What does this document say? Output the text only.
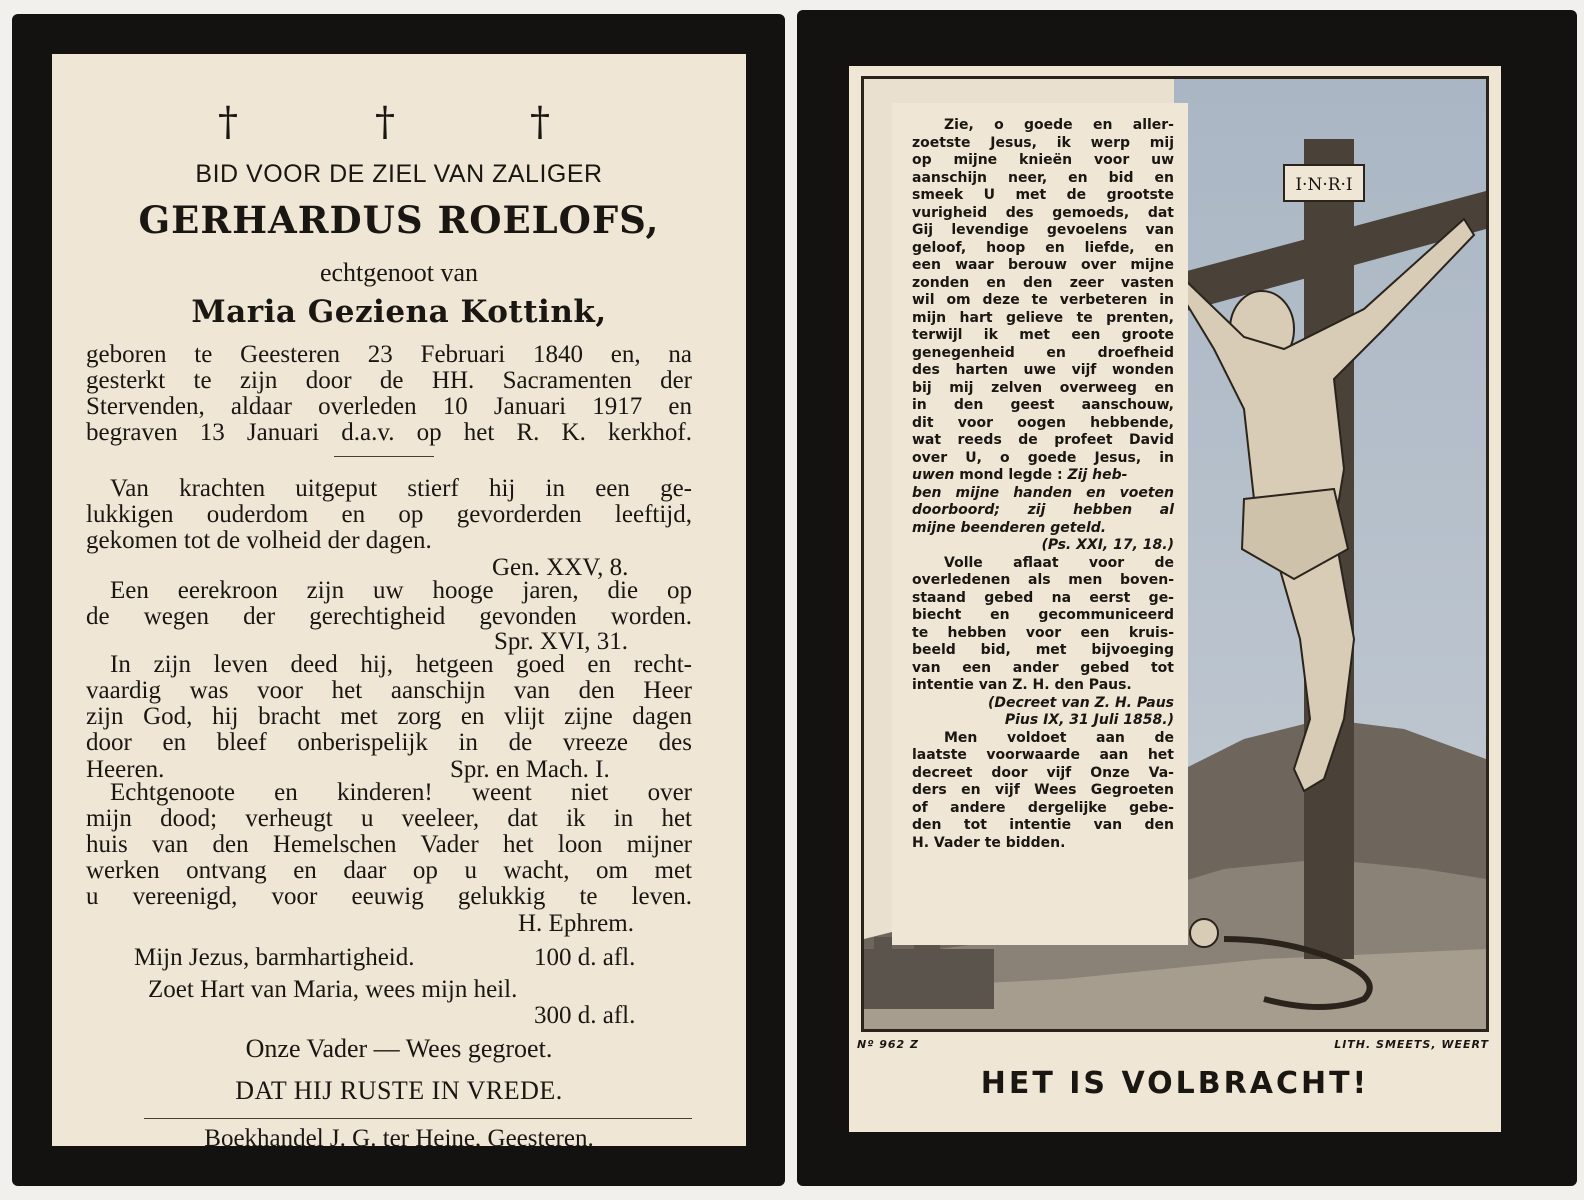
†	†	†
BID VOOR DE ZIEL VAN ZALIGER
GERHARDUS ROELOFS,
echtgenoot van
Maria Geziena Kottink,
geboren te Geesteren 23 Februari 1840 en, na
gesterkt te zijn door de HH. Sacramenten der
Stervenden, aldaar overleden 10 Januari 1917 en
begraven 13 Januari d.a.v. op het R. K. kerkhof.
Van krachten uitgeput stierf hij in een ge-
lukkigen ouderdom en op gevorderden leeftijd,
gekomen tot de volheid der dagen.
Gen. XXV, 8.
Een eerekroon zijn uw hooge jaren, die op
de wegen der gerechtigheid gevonden worden.
Spr. XVI, 31.
In zijn leven deed hij, hetgeen goed en recht-
vaardig was voor het aanschijn van den Heer
zijn God, hij bracht met zorg en vlijt zijne dagen
door en bleef onberispelijk in de vreeze des
Heeren.	Spr. en Mach. I.
Echtgenoote en kinderen! weent niet over
mijn dood; verheugt u veeleer, dat ik in het
huis van den Hemelschen Vader het loon mijner
werken ontvang en daar op u wacht, om met
u vereenigd, voor eeuwig gelukkig te leven.
H. Ephrem.
Mijn Jezus, barmhartigheid.	100 d. afl.
Zoet Hart van Maria, wees mijn heil.
300 d. afl.
Onze Vader — Wees gegroet.
DAT HIJ RUSTE IN VREDE.
Boekhandel J. G. ter Heine, Geesteren.
I·N·R·I
Zie, o goede en aller-
zoetste Jesus, ik werp mij
op mijne knieën voor uw
aanschijn neer, en bid en
smeek U met de grootste
vurigheid des gemoeds, dat
Gij levendige gevoelens van
geloof, hoop en liefde, en
een waar berouw over mijne
zonden en den zeer vasten
wil om deze te verbeteren in
mijn hart gelieve te prenten,
terwijl ik met een groote
genegenheid en droefheid
des harten uwe vijf wonden
bij mij zelven overweeg en
in den geest aanschouw,
dit voor oogen hebbende,
wat reeds de profeet David
over U, o goede Jesus, in
uwen mond legde : Zij heb-
ben mijne handen en voeten
doorboord; zij hebben al
mijne beenderen geteld.
(Ps. XXI, 17, 18.)
Volle aflaat voor de
overledenen als men boven-
staand gebed na eerst ge-
biecht en gecommuniceerd
te hebben voor een kruis-
beeld bid, met bijvoeging
van een ander gebed tot
intentie van Z. H. den Paus.
(Decreet van Z. H. Paus
Pius IX, 31 Juli 1858.)
Men voldoet aan de
laatste voorwaarde aan het
decreet door vijf Onze Va-
ders en vijf Wees Gegroeten
of andere dergelijke gebe-
den tot intentie van den
H. Vader te bidden.
Nº 962 Z	LITH. SMEETS, WEERT
HET IS VOLBRACHT!
